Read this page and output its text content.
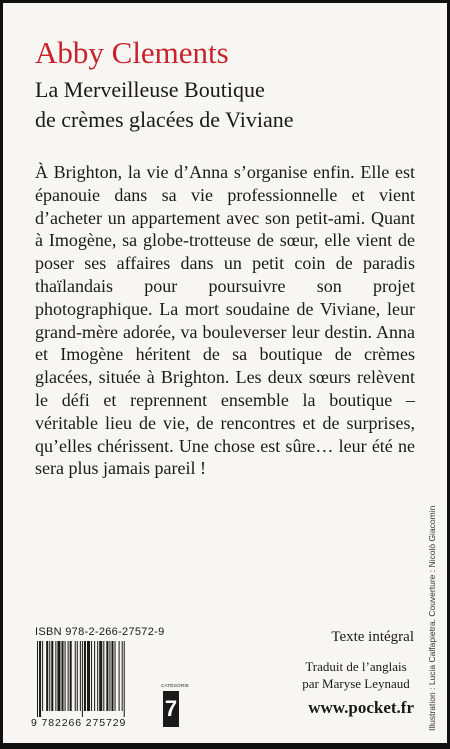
Abby Clements
La Merveilleuse Boutique
de crèmes glacées de Viviane

À Brighton, la vie d’Anna s’organise enfin. Elle est épanouie dans sa vie professionnelle et vient d’acheter un appartement avec son petit-ami. Quant à Imogène, sa globe-trotteuse de sœur, elle vient de poser ses affaires dans un petit coin de paradis thaïlandais pour poursuivre son projet photographique. La mort soudaine de Viviane, leur grand-mère adorée, va bouleverser leur destin. Anna et Imogène héritent de sa boutique de crèmes glacées, située à Brighton. Les deux sœurs relèvent le défi et reprennent ensemble la boutique – véritable lieu de vie, de rencontres et de surprises, qu’elles chérissent. Une chose est sûre… leur été ne sera plus jamais pareil !

Illustration : Lucia Calfapietra. Couverture : Nicolò Giacomin
ISBN 978-2-266-27572-9
9 782266 275729
CATÉGORIE
7

Texte intégral

Traduit de l’anglais
par Maryse Leynaud
www.pocket.fr
